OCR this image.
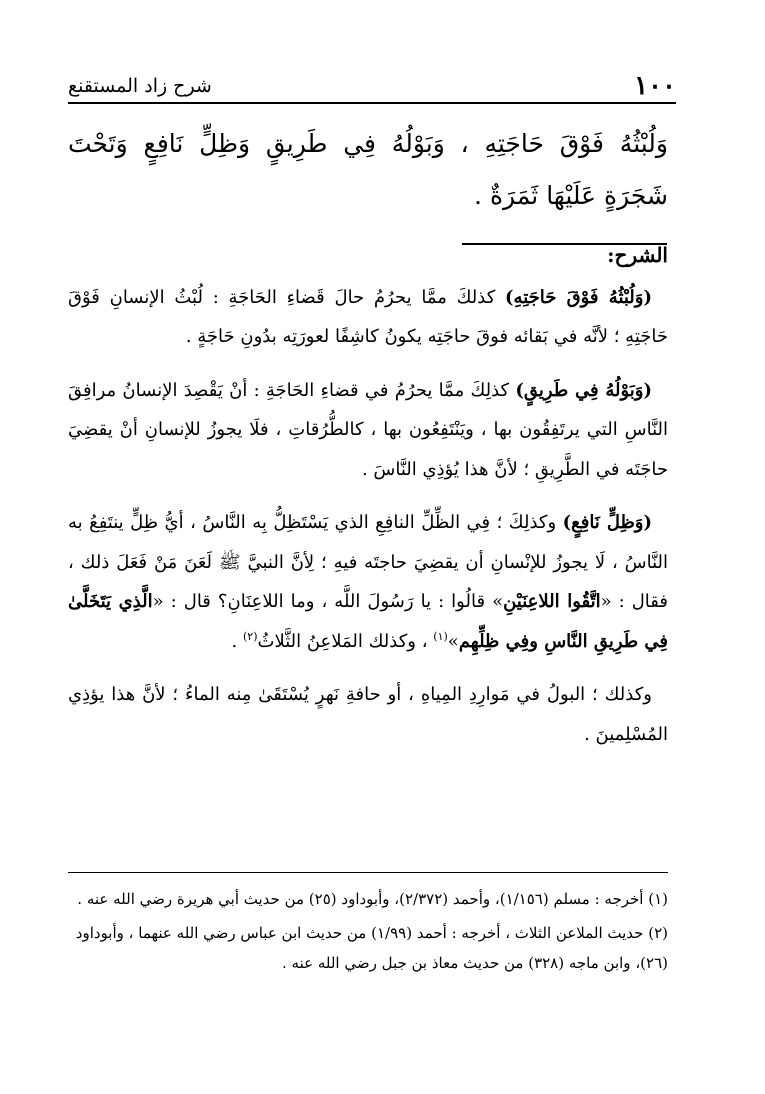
شرح زاد المستقنع	١٠٠
وَلُبْثُهُ فَوْقَ حَاجَتِهِ ، وَبَوْلُهُ فِي طَرِيقٍ وَظِلٍّ نَافِعٍ وَتَحْتَ شَجَرَةٍ عَلَيْهَا ثَمَرَةٌ .

الشرح:

(وَلُبْثُهُ فَوْقَ حَاجَتِهِ) كذلكَ ممَّا يحرُمُ حالَ قَضاءِ الحَاجَةِ : لُبْثُ الإنسانِ فَوْقَ حَاجَتِهِ ؛ لأنَّه في بَقائه فوقَ حاجَتِه يكونُ كاشِفًا لعورَتِه بدُونِ حَاجَةٍ .

(وَبَوْلُهُ فِي طَرِيقٍ) كذلِكَ ممَّا يحرُمُ في قضاءِ الحَاجَةِ : أنْ يَقْصِدَ الإنسانُ مرافِقَ النَّاسِ التي يرتَفِقُون بها ، ويَنْتَفِعُون بها ، كالطُّرُقاتِ ، فلَا يجوزُ للإنسانِ أنْ يقضِيَ حاجَتَه في الطَّرِيقِ ؛ لأنَّ هذا يُؤذِي النَّاسَ .

(وَظِلٍّ نَافِعٍ) وكذلِكَ ؛ فِي الظِّلِّ النافِعِ الذي يَسْتَظِلُّ بِه النَّاسُ ، أيُّ ظِلٍّ ينتَفِعُ به النَّاسُ ، لَا يجوزُ للإنْسانِ أن يقضِيَ حاجتَه فيهِ ؛ لِأنَّ النبيَّ ﷺ لَعَنَ مَنْ فَعَلَ ذلك ، فقال : «اتَّقُوا اللاعِنَيْنِ» قالُوا : يا رَسُولَ اللَّه ، وما اللاعِنَانِ؟ قال : «الَّذِي يَتَخَلَّىٰ فِي طَرِيقِ النَّاسِ وفِي ظِلِّهِم»$^{(١)}$ ، وكذلك المَلاعِنُ الثَّلاثُ$^{(٢)}$ .

وكذلك ؛ البولُ في مَوارِدِ المِياهِ ، أو حافةِ نَهرٍ يُسْتَقَىٰ مِنه الماءُ ؛ لأنَّ هذا يؤذِي المُسْلِمينَ .

(١) أخرجه : مسلم (١/١٥٦)، وأحمد (٢/٣٧٢)، وأبوداود (٢٥) من حديث أبي هريرة رضي الله عنه .
(٢) حديث الملاعن الثلاث ، أخرجه : أحمد (١/٩٩) من حديث ابن عباس رضي الله عنهما ، وأبوداود (٢٦)، وابن ماجه (٣٢٨) من حديث معاذ بن جبل رضي الله عنه .
